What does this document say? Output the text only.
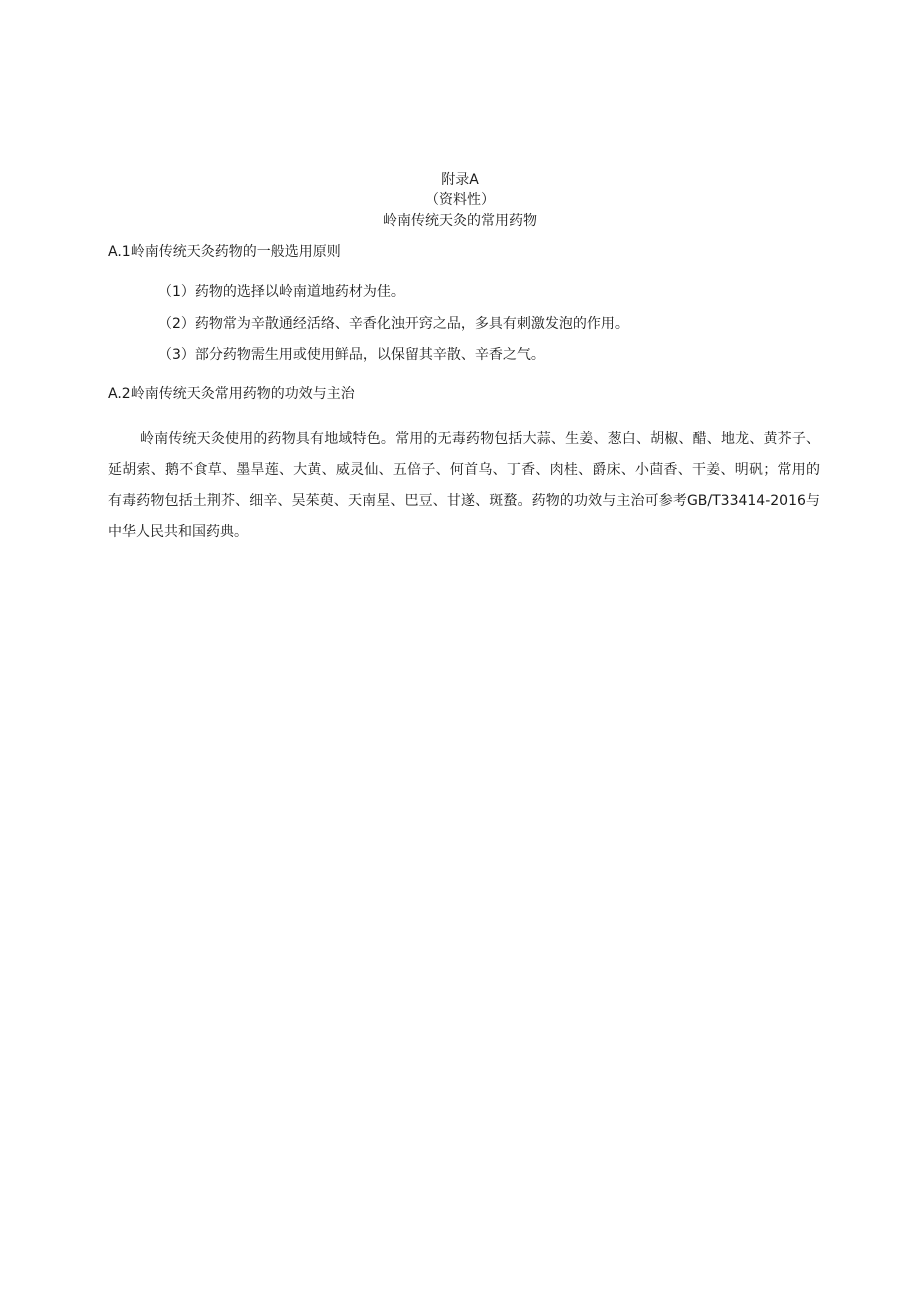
附录A
（资料性）
岭南传统天灸的常用药物
A.1岭南传统天灸药物的一般选用原则
（1）药物的选择以岭南道地药材为佳。
（2）药物常为辛散通经活络、辛香化浊开窍之品，多具有刺激发泡的作用。
（3）部分药物需生用或使用鲜品，以保留其辛散、辛香之气。
A.2岭南传统天灸常用药物的功效与主治

岭南传统天灸使用的药物具有地域特色。常用的无毒药物包括大蒜、生姜、葱白、胡椒、醋、地龙、黄芥子、延胡索、鹅不食草、墨旱莲、大黄、威灵仙、五倍子、何首乌、丁香、肉桂、爵床、小茴香、干姜、明矾；常用的有毒药物包括土荆芥、细辛、吴茱萸、天南星、巴豆、甘遂、斑蝥。药物的功效与主治可参考GB/T33414-2016与中华人民共和国药典。
